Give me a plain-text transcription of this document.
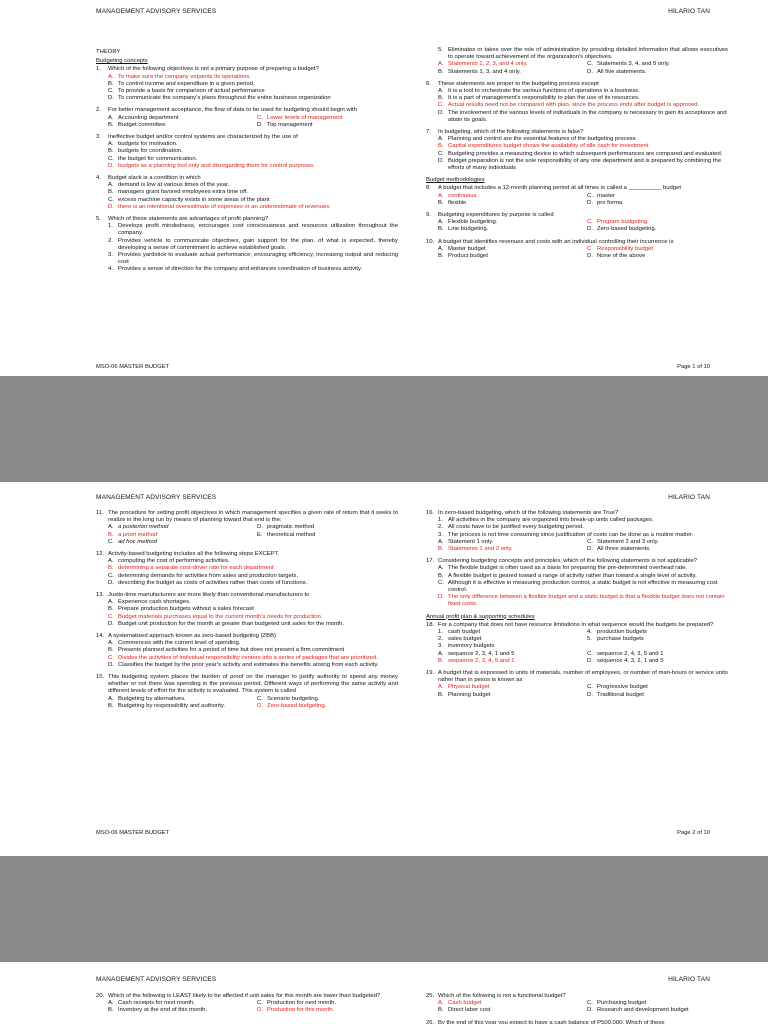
MANAGEMENT ADVISORY SERVICES	HILARIO TAN
THEORY
Budgeting concepts
1.	Which of the following objectives is not a primary purpose of preparing a budget?
A. To make sure the company expands its operations.
B. To control income and expenditure in a given period.
C. To provide a basis for comparison of actual performance
D. To communicate the company's plans throughout the entire business organization
2.	For better management acceptance, the flow of data to be used for budgeting should begin with
A. Accounting department	C. Lower levels of management
B. Budget committee	D. Top management
3.	Ineffective budget and/or control systems are characterized by the use of
A. budgets for motivation.
B. budgets for coordination.
C. the budget for communication.
D. budgets as a planning tool only and disregarding them for control purposes.
4.	Budget slack is a condition in which
A. demand is low at various times of the year.
B. managers grant favored employees extra time off.
C. excess machine capacity exists in some areas of the plant
D. there is an intentional overestimate of expenses or an underestimate of revenues.
5.	Which of these statements are advantages of profit planning?
1. Develops profit mindedness, encourages cost consciousness and resources utilization throughout the company.
2. Provides vehicle to communicate objectives, gain support for the plan, of what is expected, thereby developing a sense of commitment to achieve established goals.
3. Provides yardstick to evaluate actual performance; encouraging efficiency, increasing output and reducing cost
4. Provides a sense of direction for the company and enhances coordination of business activity.
5. Eliminates or takes over the role of administration by providing detailed information that allows executives to operate toward achievement of the organization's objectives.
A. Statements 1, 2, 3, and 4 only.	C. Statements 3, 4, and 5 only.
B. Statements 1, 3, and 4 only.	D. All five statements.
6.	These statements are proper to the budgeting process except
A. It is a tool to orchestrate the various functions of operations in a business.
B. It is a part of management's responsibility to plan the use of its resources.
C. Actual results need not be compared with plan, since the process ends after budget is approved.
D. The involvement of the various levels of individuals in the company is necessary to gain its acceptance and attain its goals.
7.	In budgeting, which of the following statements is false?
A. Planning and control are the essential features of the budgeting process
B. Capital expenditures budget shows the availability of idle cash for investment
C. Budgeting provides a measuring device to which subsequent performances are compared and evaluated.
D. Budget preparation is not the sole responsibility of any one department and is prepared by combining the efforts of many individuals
Budget methodologies
8.	A budget that includes a 12-month planning period at all times is called a __________ budget
A. continuous	C. master
B. flexible	D. pro forma
9.	Budgeting expenditures by purpose is called
A. Flexible budgeting.	C. Program budgeting.
B. Line budgeting.	D. Zero-based budgeting.
10. A budget that identifies revenues and costs with an individual controlling their incurrence is
A. Master budget	C. Responsibility budget
B. Product budget	D. None of the above
MSO-06 MASTER BUDGET	Page 1 of 10
MANAGEMENT ADVISORY SERVICES	HILARIO TAN
11. The procedure for setting profit objectives in which management specifies a given rate of return that it seeks to realize in the long run by means of planning toward that end is the:
A. a posteriori method	D. pragmatic method
B. a priori method	E. theoretical method
C. ad hoc method
12. Activity-based budgeting includes all the following steps EXCEPT
A. computing the cost of performing activities.
B. determining a separate cost-driver rate for each department
C. determining demands for activities from sales and production targets.
D. describing the budget as costs of activities rather than costs of functions.
13. Justin-time manufacturers are more likely than conventional manufacturers to
A. Experience cash shortages.
B. Prepare production budgets without a sales forecast
C. Budget materials purchases equal to the current month's needs for production.
D. Budget unit production for the month at greater than budgeted unit sales for the month.
14. A systematized approach known as zero-based budgeting (ZBB)
A. Commences with the current level of spending.
B. Presents planned activities for a period of time but does not present a firm commitment
C. Divides the activities of individual responsibility centers into a series of packages that are prioritized.
D. Classifies the budget by the prior year's activity and estimates the benefits arising from each activity.
15. This budgeting system places the burden of proof on the manager to justify authority to spend any money whether or not there was spending in the previous period. Different ways of performing the same activity and different levels of effort for the activity is evaluated. This system is called
A. Budgeting by alternatives.	C. Scenario budgeting.
B. Budgeting by responsibility and authority.	D. Zero-based budgeting.
16. In zero-based budgeting, which of the following statements are True?
1. All activities in the company are organized into break-up units called packages.
2. All costs have to be justified every budgeting period.
3. The process is not time consuming since justification of costs can be done as a routine matter.
A. Statement 1 only.	C. Statement 2 and 3 only.
B. Statements 1 and 2 only.	D. All three statements.
17. Considering budgeting concepts and principles, which of the following statements is not applicable?
A. The flexible budget is often used as a basis for preparing the pre-determined overhead rate.
B. A flexible budget is geared toward a range of activity rather than toward a single level of activity.
C. Although it is effective in measuring production control, a static budget is not effective in measuring cost control.
D. The only difference between a flexible budget and a static budget is that a flexible budget does not contain fixed costs.
Annual profit plan & supporting schedules
18. For a company that does not have resource limitations in what sequence would the budgets be prepared?
1. cash budget	4. production budgets
2. sales budget	5. purchase budgets
3. inventory budgets
A. sequence 2, 3, 4, 1 and 5	C. sequence 2, 4, 3, 5 and 1
B. sequence 2, 3, 4, 5 and 1	D. sequence 4, 3, 2, 1 and 5
19. A budget that is expressed in units of materials, number of employees, or number of man-hours or service units rather than in pesos is known as
A. Physical budget	C. Progressive budget
B. Planning budget	D. Traditional budget
MSO-06 MASTER BUDGET	Page 2 of 10
MANAGEMENT ADVISORY SERVICES	HILARIO TAN
20. Which of the following is LEAST likely to be affected if unit sales for this month are lower than budgeted?
A. Cash receipts for next month.	C. Production for next month.
B. Inventory at the end of this month.	D. Production for this month.
25. Which of the following is not a functional budget?
A. Cash budget	C. Purchasing budget
B. Direct labor cost	D. Research and development budget
26. By the end of this year you expect to have a cash balance of P500,000. Which of these
